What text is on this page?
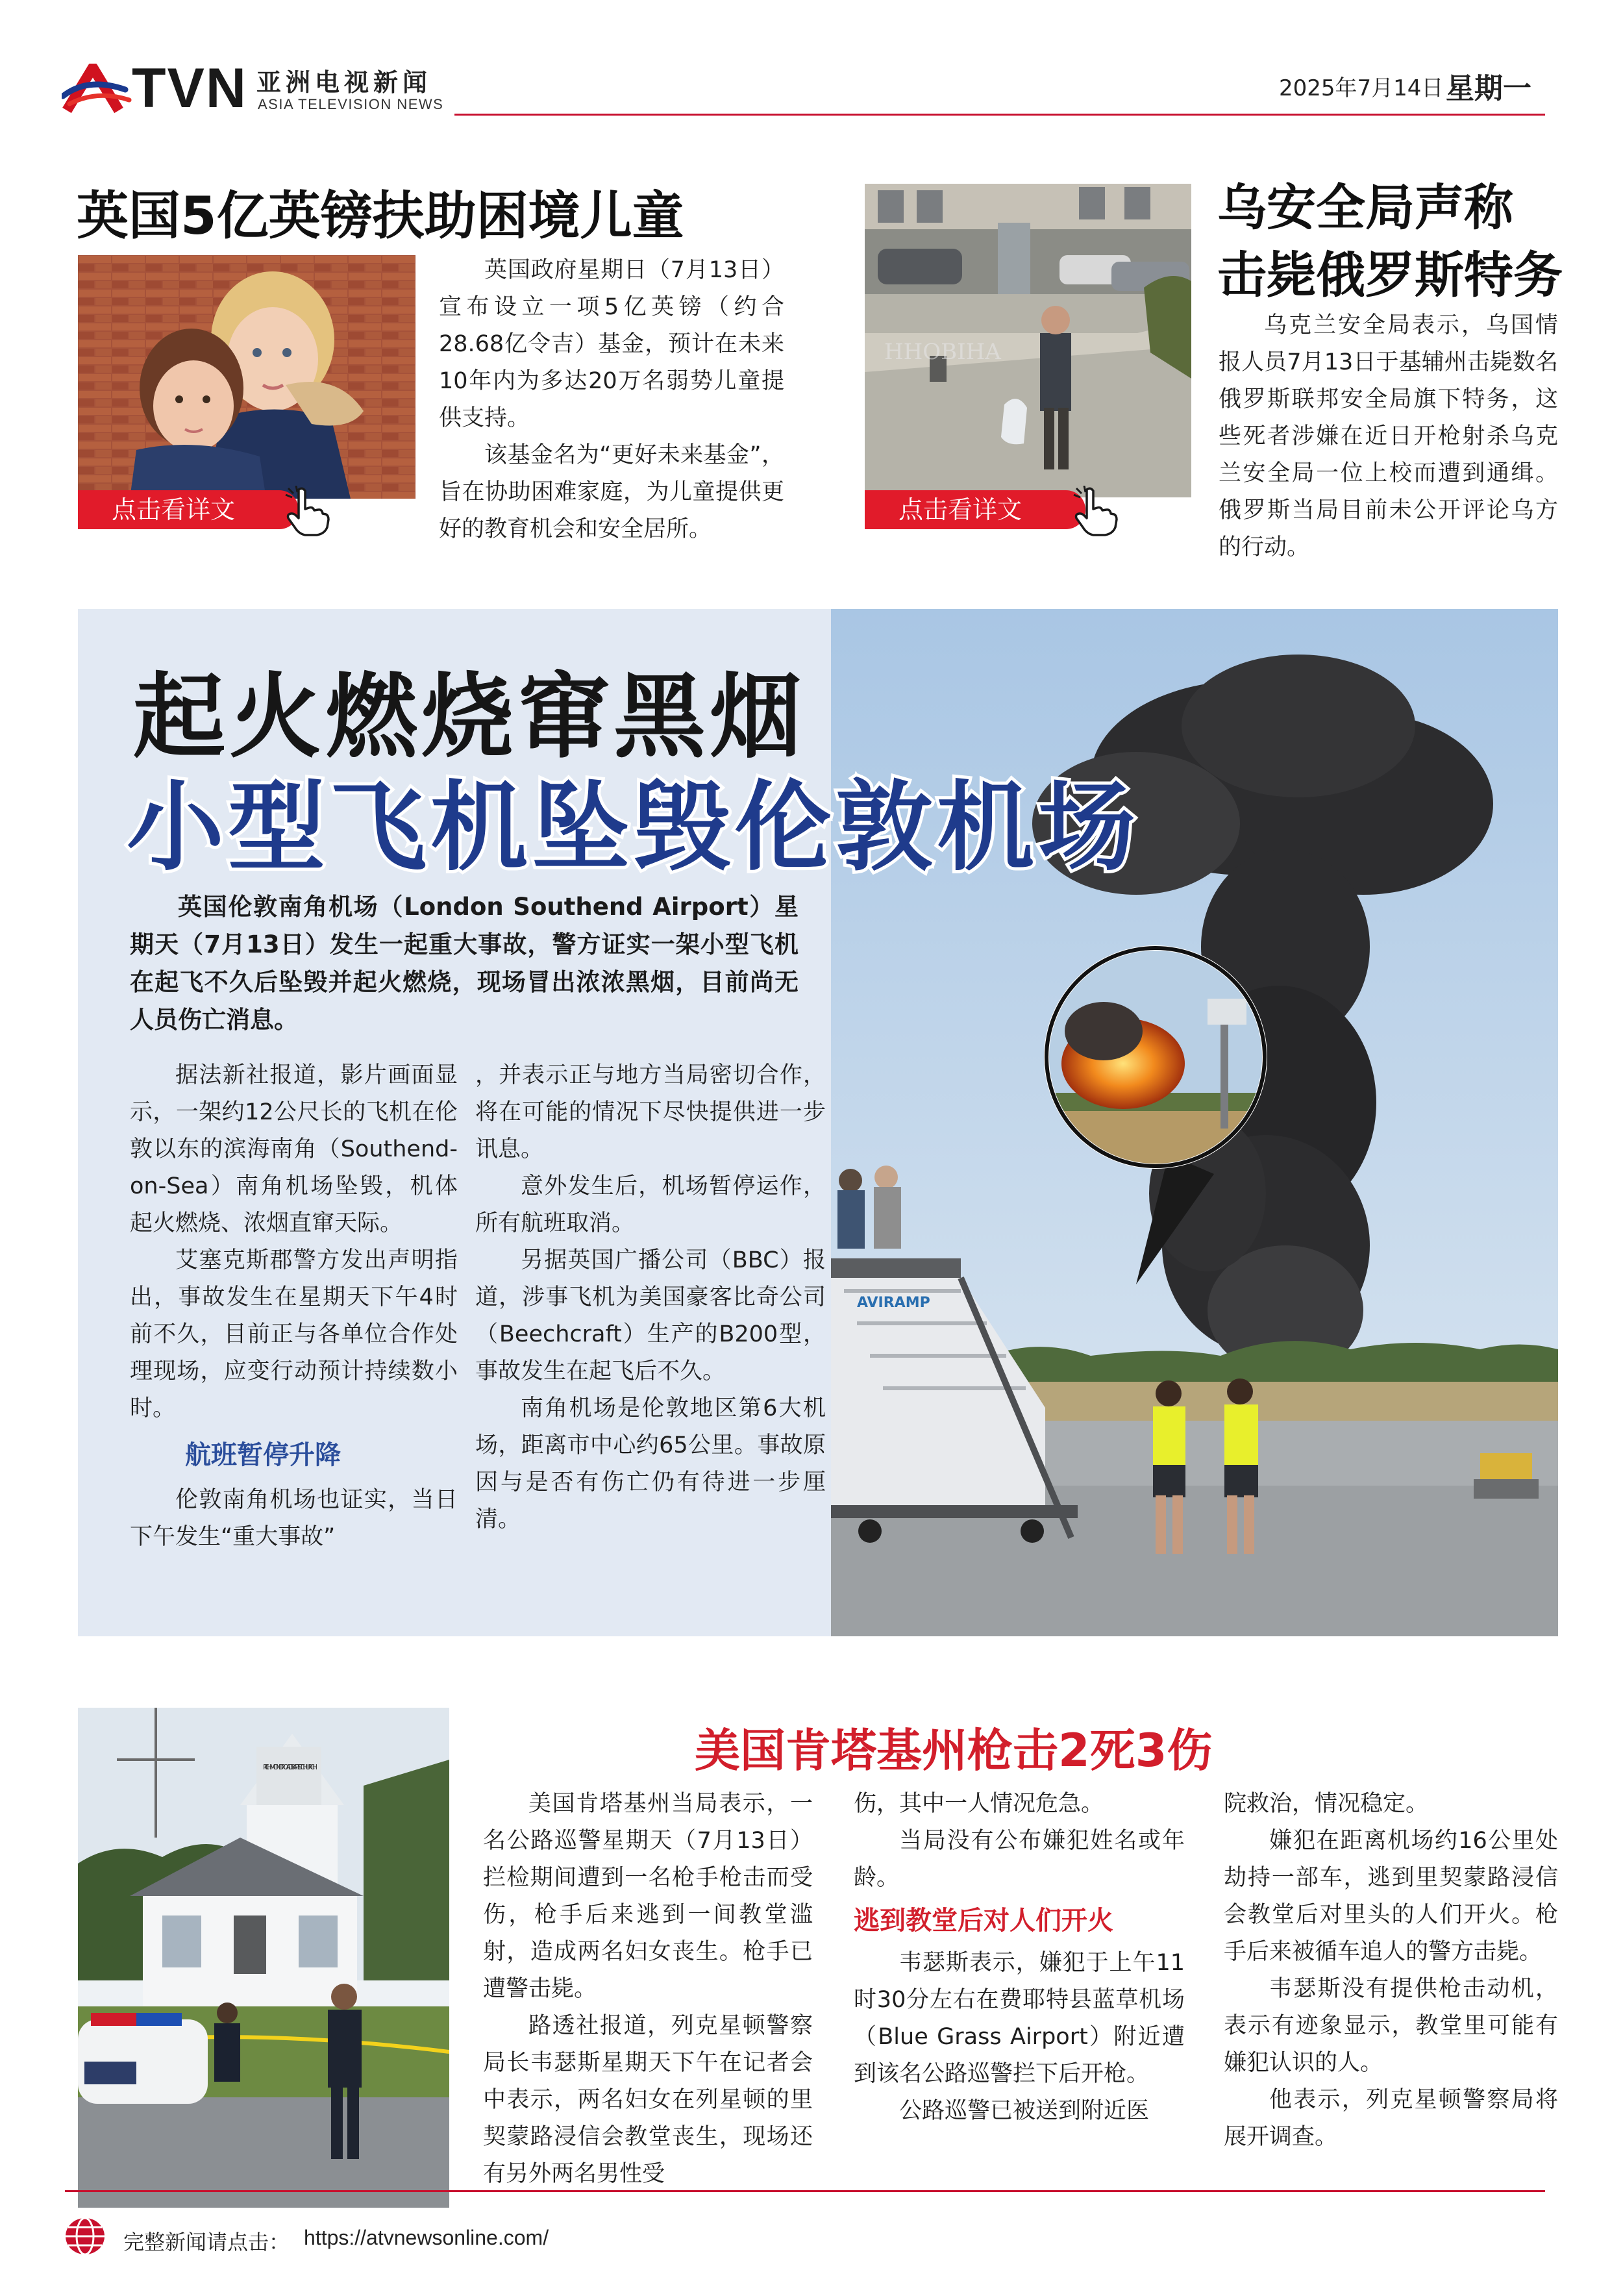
TVN 亚洲电视新闻
ASIA TELEVISION NEWS
2025年7月14日 星期一
英国5亿英镑扶助困境儿童
点击看详文

英国政府星期日（7月13日）宣布设立一项5亿英镑（约合28.68亿令吉）基金，预计在未来10年内为多达20万名弱势儿童提供支持。

该基金名为“更好未来基金”，旨在协助困难家庭，为儿童提供更好的教育机会和安全居所。

HHOBIHA
点击看详文
乌安全局声称
击毙俄罗斯特务

乌克兰安全局表示，乌国情报人员7月13日于基辅州击毙数名俄罗斯联邦安全局旗下特务，这些死者涉嫌在近日开枪射杀乌克兰安全局一位上校而遭到通缉。俄罗斯当局目前未公开评论乌方的行动。

AVIRAMP
起火燃烧窜黑烟
小型飞机坠毁伦敦机场
英国伦敦南角机场（London Southend Airport）星期天（7月13日）发生一起重大事故，警方证实一架小型飞机在起飞不久后坠毁并起火燃烧，现场冒出浓浓黑烟，目前尚无人员伤亡消息。

据法新社报道，影片画面显示，一架约12公尺长的飞机在伦敦以东的滨海南角（Southend-on-Sea）南角机场坠毁，机体起火燃烧、浓烟直窜天际。

艾塞克斯郡警方发出声明指出，事故发生在星期天下午4时前不久，目前正与各单位合作处理现场，应变行动预计持续数小时。

航班暂停升降

伦敦南角机场也证实，当日下午发生“重大事故”

，并表示正与地方当局密切合作，将在可能的情况下尽快提供进一步讯息。

意外发生后，机场暂停运作，所有航班取消。

另据英国广播公司（BBC）报道，涉事飞机为美国豪客比奇公司（Beechcraft）生产的B200型，事故发生在起飞后不久。

南角机场是伦敦地区第6大机场，距离市中心约65公里。事故原因与是否有伤亡仍有待进一步厘清。

RICHMOND ROAD BAPTIST CHURCH	美国肯塔基州枪击2死3伤

美国肯塔基州当局表示，一名公路巡警星期天（7月13日）拦检期间遭到一名枪手枪击而受伤，枪手后来逃到一间教堂滥射，造成两名妇女丧生。枪手已遭警击毙。

路透社报道，列克星顿警察局长韦瑟斯星期天下午在记者会中表示，两名妇女在列星顿的里契蒙路浸信会教堂丧生，现场还有另外两名男性受

伤，其中一人情况危急。

当局没有公布嫌犯姓名或年龄。

逃到教堂后对人们开火

韦瑟斯表示，嫌犯于上午11时30分左右在费耶特县蓝草机场（Blue Grass Airport）附近遭到该名公路巡警拦下后开枪。

公路巡警已被送到附近医

院救治，情况稳定。

嫌犯在距离机场约16公里处劫持一部车，逃到里契蒙路浸信会教堂后对里头的人们开火。枪手后来被循车追人的警方击毙。

韦瑟斯没有提供枪击动机，表示有迹象显示，教堂里可能有嫌犯认识的人。

他表示，列克星顿警察局将展开调查。

完整新闻请点击： https://atvnewsonline.com/
